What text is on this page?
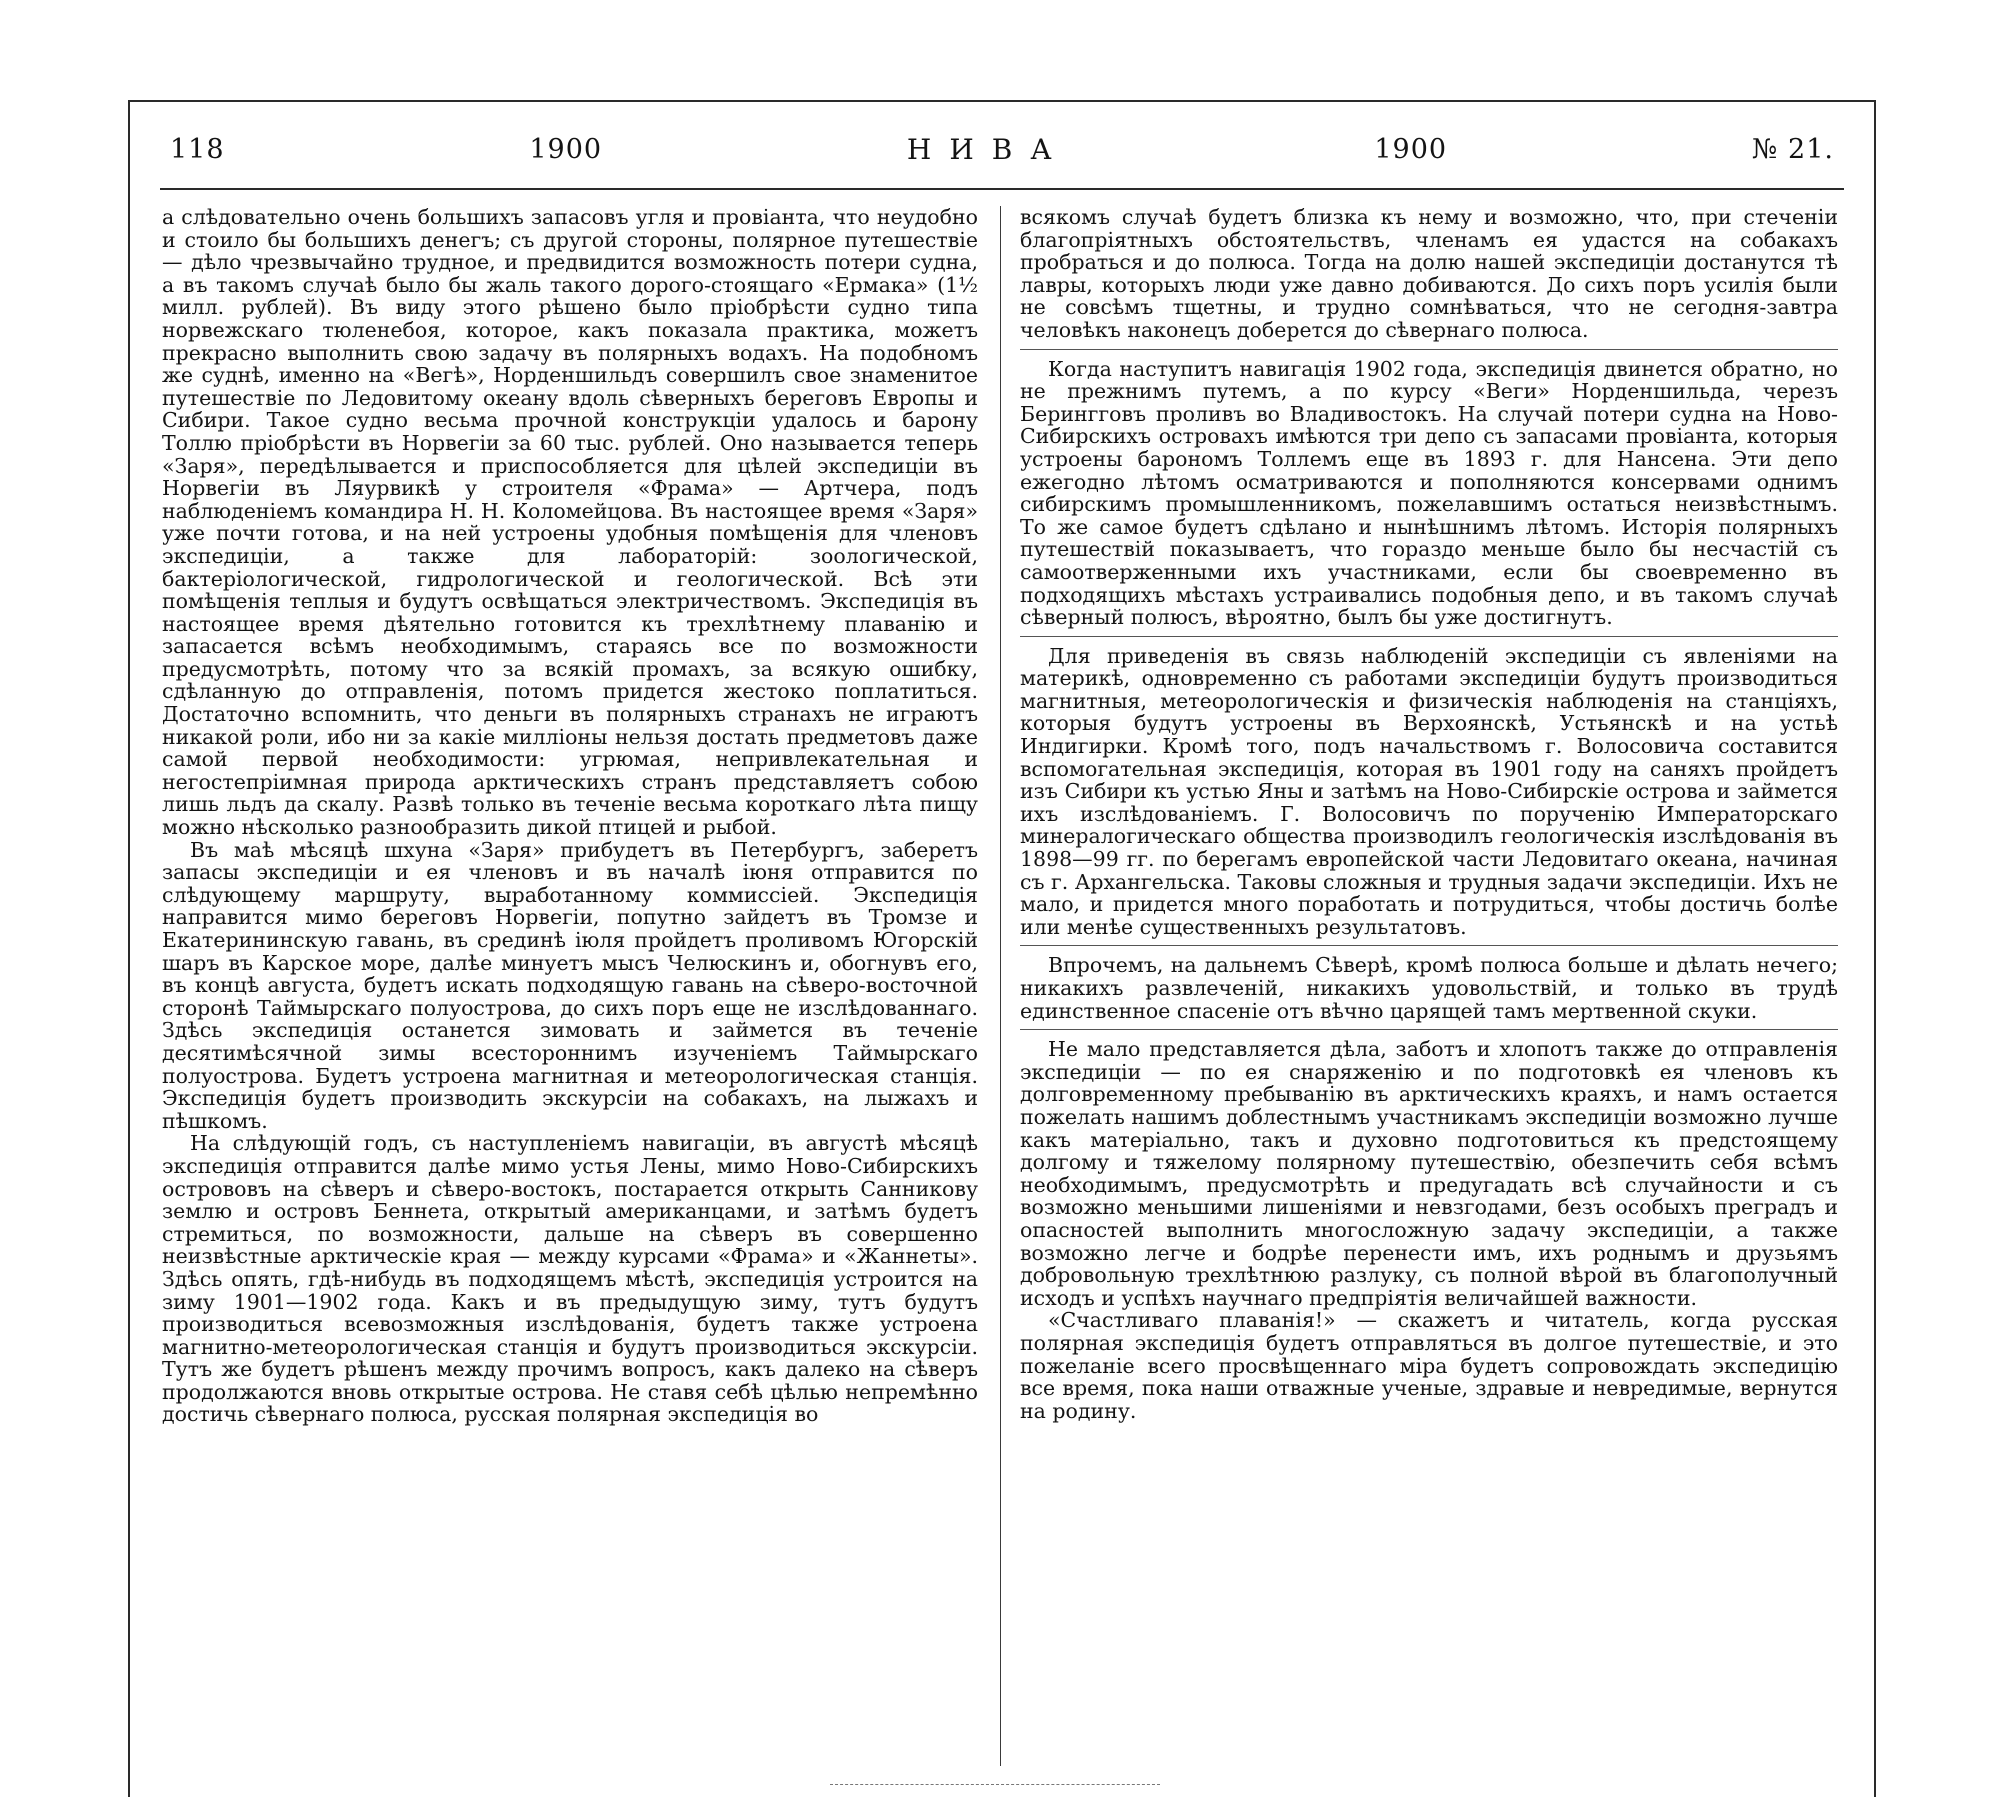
118	1900	НИВА	1900	№ 21.

а слѣдовательно очень большихъ запасовъ угля и провіанта, что неудобно и стоило бы большихъ денегъ; съ другой стороны, полярное путешествіе — дѣло чрезвычайно трудное, и предвидится возможность потери судна, а въ такомъ случаѣ было бы жаль такого дорого-стоящаго «Ермака» (1½ милл. рублей). Въ виду этого рѣшено было пріобрѣсти судно типа норвежскаго тюленебоя, которое, какъ показала практика, можетъ прекрасно выполнить свою задачу въ полярныхъ водахъ. На подобномъ же суднѣ, именно на «Вегѣ», Норденшильдъ совершилъ свое знаменитое путешествіе по Ледовитому океану вдоль сѣверныхъ береговъ Европы и Сибири. Такое судно весьма прочной конструкціи удалось и барону Толлю пріобрѣсти въ Норвегіи за 60 тыс. рублей. Оно называется теперь «Заря», передѣлывается и приспособляется для цѣлей экспедиціи въ Норвегіи въ Ляурвикѣ у строителя «Фрама» — Артчера, подъ наблюденіемъ командира Н. Н. Коломейцова. Въ настоящее время «Заря» уже почти готова, и на ней устроены удобныя помѣщенія для членовъ экспедиціи, а также для лабораторій: зоологической, бактеріологической, гидрологической и геологической. Всѣ эти помѣщенія теплыя и будутъ освѣщаться электричествомъ. Экспедиція въ настоящее время дѣятельно готовится къ трехлѣтнему плаванію и запасается всѣмъ необходимымъ, стараясь все по возможности предусмотрѣть, потому что за всякій промахъ, за всякую ошибку, сдѣланную до отправленія, потомъ придется жестоко поплатиться. Достаточно вспомнить, что деньги въ полярныхъ странахъ не играютъ никакой роли, ибо ни за какіе милліоны нельзя достать предметовъ даже самой первой необходимости: угрюмая, непривлекательная и негостепріимная природа арктическихъ странъ представляетъ собою лишь льдъ да скалу. Развѣ только въ теченіе весьма короткаго лѣта пищу можно нѣсколько разнообразить дикой птицей и рыбой.

Въ маѣ мѣсяцѣ шхуна «Заря» прибудетъ въ Петербургъ, заберетъ запасы экспедиціи и ея членовъ и въ началѣ іюня отправится по слѣдующему маршруту, выработанному коммиссіей. Экспедиція направится мимо береговъ Норвегіи, попутно зайдетъ въ Тромзе и Екатерининскую гавань, въ срединѣ іюля пройдетъ проливомъ Югорскій шаръ въ Карское море, далѣе минуетъ мысъ Челюскинъ и, обогнувъ его, въ концѣ августа, будетъ искать подходящую гавань на сѣверо-восточной сторонѣ Таймырскаго полуострова, до сихъ поръ еще не изслѣдованнаго. Здѣсь экспедиція останется зимовать и займется въ теченіе десятимѣсячной зимы всестороннимъ изученіемъ Таймырскаго полуострова. Будетъ устроена магнитная и метеорологическая станція. Экспедиція будетъ производить экскурсіи на собакахъ, на лыжахъ и пѣшкомъ.

На слѣдующій годъ, съ наступленіемъ навигаціи, въ августѣ мѣсяцѣ экспедиція отправится далѣе мимо устья Лены, мимо Ново-Сибирскихъ острововъ на сѣверъ и сѣверо-востокъ, постарается открыть Санникову землю и островъ Беннета, открытый американцами, и затѣмъ будетъ стремиться, по возможности, дальше на сѣверъ въ совершенно неизвѣстные арктическіе края — между курсами «Фрама» и «Жаннеты». Здѣсь опять, гдѣ-нибудь въ подходящемъ мѣстѣ, экспедиція устроится на зиму 1901—1902 года. Какъ и въ предыдущую зиму, тутъ будутъ производиться всевозможныя изслѣдованія, будетъ также устроена магнитно-метеорологическая станція и будутъ производиться экскурсіи. Тутъ же будетъ рѣшенъ между прочимъ вопросъ, какъ далеко на сѣверъ продолжаются вновь открытые острова. Не ставя себѣ цѣлью непремѣнно достичь сѣвернаго полюса, русская полярная экспедиція во

всякомъ случаѣ будетъ близка къ нему и возможно, что, при стеченіи благопріятныхъ обстоятельствъ, членамъ ея удастся на собакахъ пробраться и до полюса. Тогда на долю нашей экспедиціи достанутся тѣ лавры, которыхъ люди уже давно добиваются. До сихъ поръ усилія были не совсѣмъ тщетны, и трудно сомнѣваться, что не сегодня-завтра человѣкъ наконецъ доберется до сѣвернаго полюса.

Когда наступитъ навигація 1902 года, экспедиція двинется обратно, но не прежнимъ путемъ, а по курсу «Веги» Норденшильда, черезъ Берингговъ проливъ во Владивостокъ. На случай потери судна на Ново-Сибирскихъ островахъ имѣются три депо съ запасами провіанта, которыя устроены барономъ Толлемъ еще въ 1893 г. для Нансена. Эти депо ежегодно лѣтомъ осматриваются и пополняются консервами однимъ сибирскимъ промышленникомъ, пожелавшимъ остаться неизвѣстнымъ. То же самое будетъ сдѣлано и нынѣшнимъ лѣтомъ. Исторія полярныхъ путешествій показываетъ, что гораздо меньше было бы несчастій съ самоотверженными ихъ участниками, если бы своевременно въ подходящихъ мѣстахъ устраивались подобныя депо, и въ такомъ случаѣ сѣверный полюсъ, вѣроятно, былъ бы уже достигнутъ.

Для приведенія въ связь наблюденій экспедиціи съ явленіями на материкѣ, одновременно съ работами экспедиціи будутъ производиться магнитныя, метеорологическія и физическія наблюденія на станціяхъ, которыя будутъ устроены въ Верхоянскѣ, Устьянскѣ и на устьѣ Индигирки. Кромѣ того, подъ начальствомъ г. Волосовича составится вспомогательная экспедиція, которая въ 1901 году на саняхъ пройдетъ изъ Сибири къ устью Яны и затѣмъ на Ново-Сибирскіе острова и займется ихъ изслѣдованіемъ. Г. Волосовичъ по порученію Императорскаго минералогическаго общества производилъ геологическія изслѣдованія въ 1898—99 гг. по берегамъ европейской части Ледовитаго океана, начиная съ г. Архангельска. Таковы сложныя и трудныя задачи экспедиціи. Ихъ не мало, и придется много поработать и потрудиться, чтобы достичь болѣе или менѣе существенныхъ результатовъ.

Впрочемъ, на дальнемъ Сѣверѣ, кромѣ полюса больше и дѣлать нечего; никакихъ развлеченій, никакихъ удовольствій, и только въ трудѣ единственное спасеніе отъ вѣчно царящей тамъ мертвенной скуки.

Не мало представляется дѣла, заботъ и хлопотъ также до отправленія экспедиціи — по ея снаряженію и по подготовкѣ ея членовъ къ долговременному пребыванію въ арктическихъ краяхъ, и намъ остается пожелать нашимъ доблестнымъ участникамъ экспедиціи возможно лучше какъ матеріально, такъ и духовно подготовиться къ предстоящему долгому и тяжелому полярному путешествію, обезпечить себя всѣмъ необходимымъ, предусмотрѣть и предугадать всѣ случайности и съ возможно меньшими лишеніями и невзгодами, безъ особыхъ преградъ и опасностей выполнить многосложную задачу экспедиціи, а также возможно легче и бодрѣе перенести имъ, ихъ роднымъ и друзьямъ добровольную трехлѣтнюю разлуку, съ полной вѣрой въ благополучный исходъ и успѣхъ научнаго предпріятія величайшей важности.

«Счастливаго плаванія!» — скажетъ и читатель, когда русская полярная экспедиція будетъ отправляться въ долгое путешествіе, и это пожеланіе всего просвѣщеннаго міра будетъ сопровождать экспедицію все время, пока наши отважные ученые, здравые и невредимые, вернутся на родину.
